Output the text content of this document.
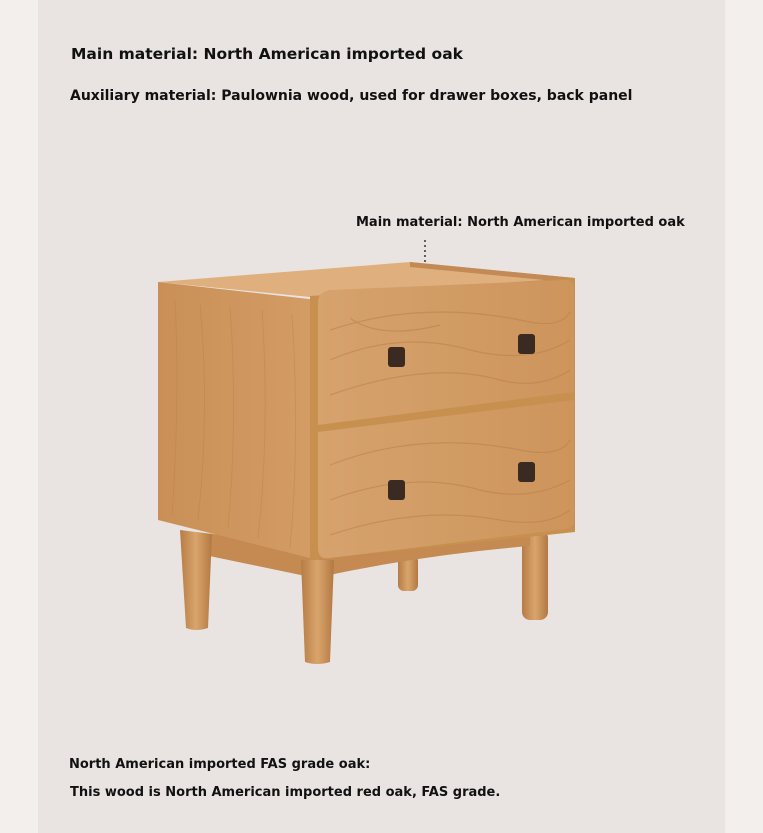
Main material: North American imported oak
Auxiliary material: Paulownia wood, used for drawer boxes, back panel
Main material: North American imported oak
North American imported FAS grade oak:
This wood is North American imported red oak, FAS grade.
